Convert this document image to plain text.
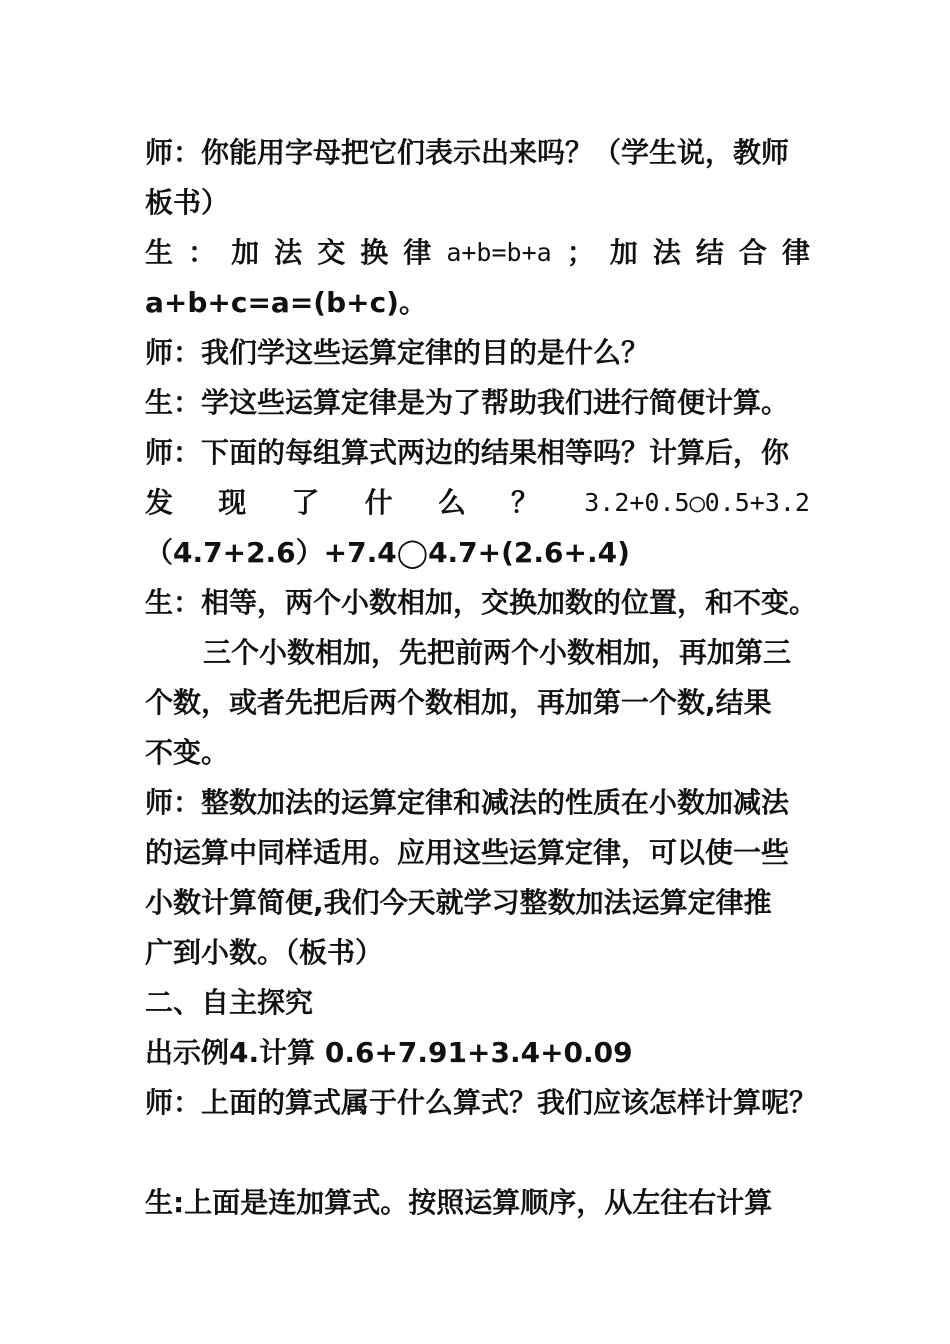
师：你能用字母把它们表示出来吗？（学生说，教师
板书）
生 ： 加 法 交 换 律 a+b=b+a ； 加 法 结 合 律
a+b+c=a=(b+c)。
师：我们学这些运算定律的目的是什么？
生：学这些运算定律是为了帮助我们进行简便计算。
师：下面的每组算式两边的结果相等吗？计算后，你
发 现 了 什 么 ？ 3.2+0.5◯0.5+3.2
（4.7+2.6）+7.4◯4.7+(2.6+.4)
生：相等，两个小数相加，交换加数的位置，和不变。
三个小数相加，先把前两个小数相加，再加第三
个数，或者先把后两个数相加，再加第一个数,结果
不变。
师：整数加法的运算定律和减法的性质在小数加减法
的运算中同样适用。应用这些运算定律，可以使一些
小数计算简便,我们今天就学习整数加法运算定律推
广到小数。（板书）
二、自主探究
出示例4.计算 0.6+7.91+3.4+0.09
师：上面的算式属于什么算式？我们应该怎样计算呢？
生:上面是连加算式。按照运算顺序，从左往右计算
